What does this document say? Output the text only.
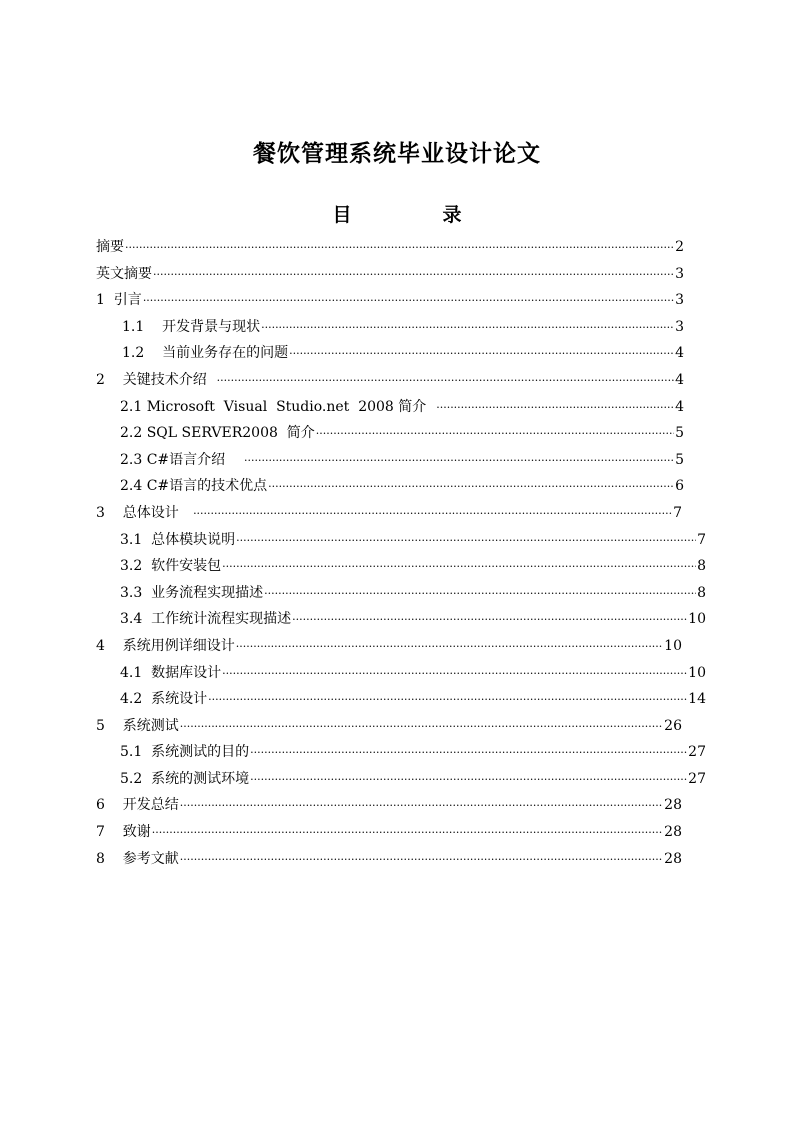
餐饮管理系统毕业设计论文
目　录
摘要 ·····	2
英文摘要 ·····	3
1  引言 ·····	3
1.1    开发背景与现状 ·····	3
1.2    当前业务存在的问题 ·····	4
2    关键技术介绍 ·····	4
2.1 Microsoft  Visual  Studio.net  2008 简介 ·····	4
2.2 SQL SERVER2008  简介 ·····	5
2.3 C#语言介绍 ·····	5
2.4 C#语言的技术优点 ·····	6
3    总体设计 ·····	7
3.1  总体模块说明 ·····	7
3.2  软件安装包 ·····	8
3.3  业务流程实现描述 ·····	8
3.4  工作统计流程实现描述 ·····	10
4    系统用例详细设计 ·····	10
4.1  数据库设计 ·····	10
4.2  系统设计 ·····	14
5    系统测试 ·····	26
5.1  系统测试的目的 ·····	27
5.2  系统的测试环境 ·····	27
6    开发总结 ·····	28
7    致谢 ·····	28
8    参考文献 ·····	28
